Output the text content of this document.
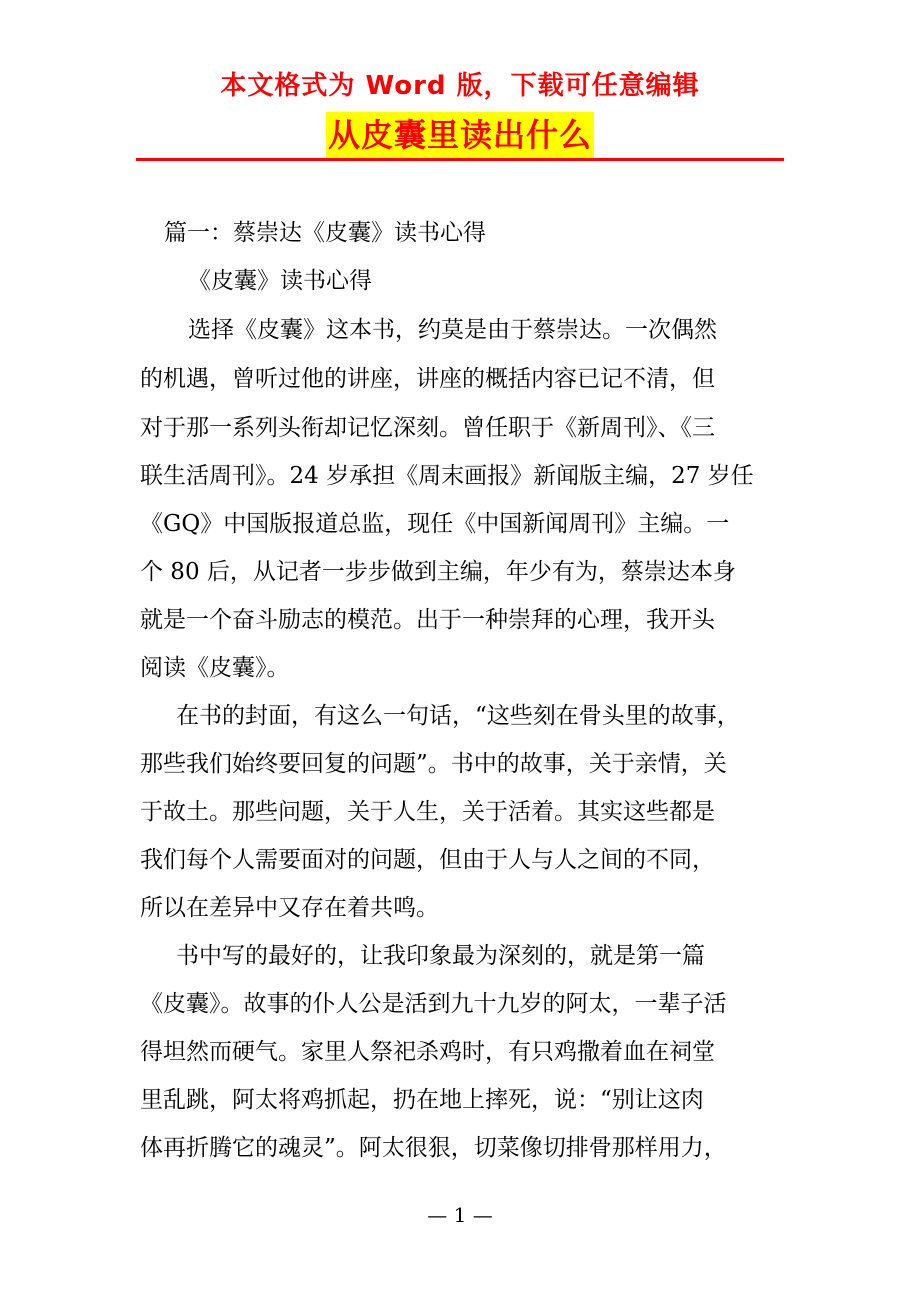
本文格式为 Word 版，下载可任意编辑
从皮囊里读出什么
篇一：蔡崇达《皮囊》读书心得
《皮囊》读书心得
选择《皮囊》这本书，约莫是由于蔡崇达。一次偶然
的机遇，曾听过他的讲座，讲座的概括内容已记不清，但
对于那一系列头衔却记忆深刻。曾任职于《新周刊》、《三
联生活周刊》。24 岁承担《周末画报》新闻版主编，27 岁任
《GQ》中国版报道总监，现任《中国新闻周刊》主编。一
个 80 后，从记者一步步做到主编，年少有为，蔡崇达本身
就是一个奋斗励志的模范。出于一种崇拜的心理，我开头
阅读《皮囊》。
在书的封面，有这么一句话，“这些刻在骨头里的故事，
那些我们始终要回复的问题”。书中的故事，关于亲情，关
于故土。那些问题，关于人生，关于活着。其实这些都是
我们每个人需要面对的问题，但由于人与人之间的不同，
所以在差异中又存在着共鸣。
书中写的最好的，让我印象最为深刻的，就是第一篇
《皮囊》。故事的仆人公是活到九十九岁的阿太，一辈子活
得坦然而硬气。家里人祭祀杀鸡时，有只鸡撒着血在祠堂
里乱跳，阿太将鸡抓起，扔在地上摔死，说：“别让这肉
体再折腾它的魂灵”。阿太很狠，切菜像切排骨那样用力，
— 1 —
